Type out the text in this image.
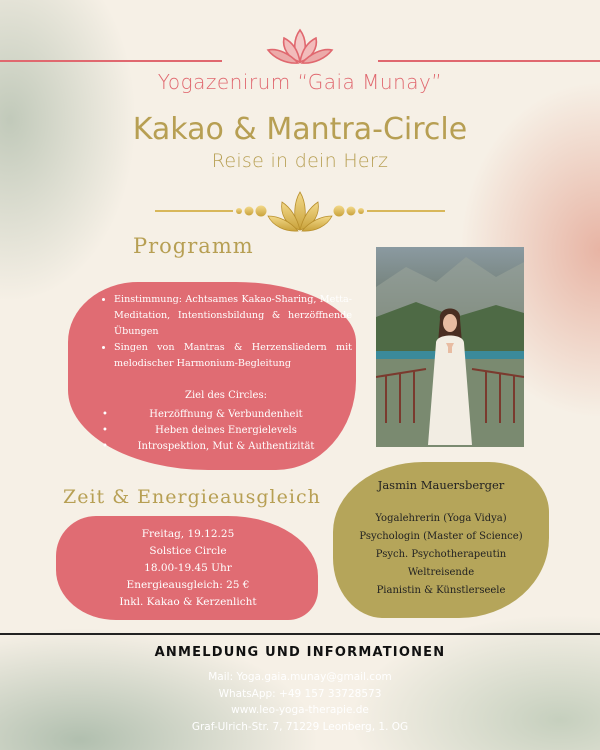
Yogazenirum “Gaia Munay”
Kakao & Mantra-Circle
Reise in dein Herz
Programm
• Einstimmung: Achtsames Kakao-Sharing, Metta-Meditation, Intentionsbildung & herzöffnende Übungen
• Singen von Mantras & Herzensliedern mit melodischer Harmonium-Begleitung
Ziel des Circles:
• Herzöffnung & Verbundenheit
• Heben deines Energielevels
• Introspektion, Mut & Authentizität
Zeit & Energieausgleich
Freitag, 19.12.25
Solstice Circle
18.00-19.45 Uhr
Energieausgleich: 25 €
Inkl. Kakao & Kerzenlicht
Jasmin Mauersberger
Yogalehrerin (Yoga Vidya)
Psychologin (Master of Science)
Psych. Psychotherapeutin
Weltreisende
Pianistin & Künstlerseele
ANMELDUNG UND INFORMATIONEN
Mail: Yoga.gaia.munay@gmail.com
WhatsApp: +49 157 33728573
www.leo-yoga-therapie.de
Graf-Ulrich-Str. 7, 71229 Leonberg, 1. OG
